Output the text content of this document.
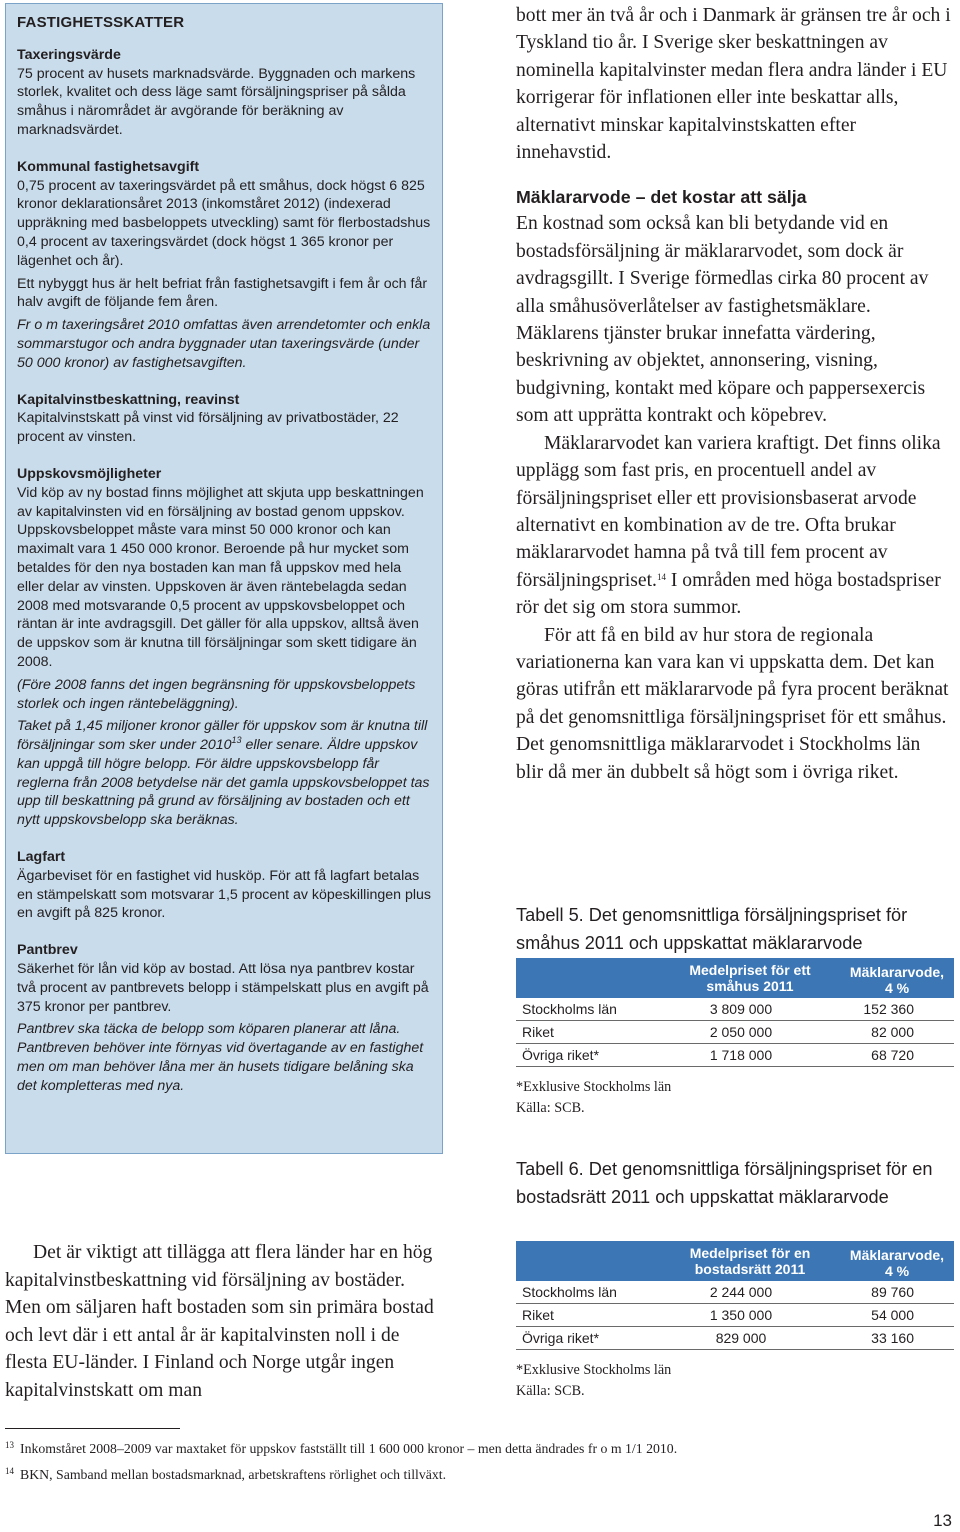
FASTIGHETSSKATTER
Taxeringsvärde

75 procent av husets marknadsvärde. Byggnaden och markens storlek, kvalitet och dess läge samt försäljningspriser på sålda småhus i närområdet är avgörande för beräkning av marknadsvärdet.

Kommunal fastighetsavgift

0,75 procent av taxeringsvärdet på ett småhus, dock högst 6 825 kronor deklarationsåret 2013 (inkomståret 2012) (indexerad uppräkning med basbeloppets utveckling) samt för flerbostadshus 0,4 procent av taxeringsvärdet (dock högst 1 365 kronor per lägenhet och år).

Ett nybyggt hus är helt befriat från fastighetsavgift i fem år och får halv avgift de följande fem åren.

Fr o m taxeringsåret 2010 omfattas även arrendetomter och enkla sommarstugor och andra byggnader utan taxeringsvärde (under 50 000 kronor) av fastighetsavgiften.

Kapitalvinstbeskattning, reavinst

Kapitalvinstskatt på vinst vid försäljning av privatbostäder, 22 procent av vinsten.

Uppskovsmöjligheter

Vid köp av ny bostad finns möjlighet att skjuta upp beskattningen av kapitalvinsten vid en försäljning av bostad genom uppskov. Uppskovsbeloppet måste vara minst 50 000 kronor och kan maximalt vara 1 450 000 kronor. Beroende på hur mycket som betaldes för den nya bostaden kan man få uppskov med hela eller delar av vinsten. Uppskoven är även räntebelagda sedan 2008 med motsvarande 0,5 procent av uppskovsbeloppet och räntan är inte avdragsgill. Det gäller för alla uppskov, alltså även de uppskov som är knutna till försäljningar som skett tidigare än 2008.

(Före 2008 fanns det ingen begränsning för uppskovsbeloppets storlek och ingen räntebeläggning).

Taket på 1,45 miljoner kronor gäller för uppskov som är knutna till försäljningar som sker under 2010$^{13}$ eller senare. Äldre uppskov kan uppgå till högre belopp. För äldre uppskovsbelopp får reglerna från 2008 betydelse när det gamla uppskovsbeloppet tas upp till beskattning på grund av försäljning av bostaden och ett nytt uppskovsbelopp ska beräknas.

Lagfart

Ägarbeviset för en fastighet vid husköp. För att få lagfart betalas en stämpelskatt som motsvarar 1,5 procent av köpeskillingen plus en avgift på 825 kronor.

Pantbrev

Säkerhet för lån vid köp av bostad. Att lösa nya pantbrev kostar två procent av pantbrevets belopp i stämpelskatt plus en avgift på 375 kronor per pantbrev.

Pantbrev ska täcka de belopp som köparen planerar att låna. Pantbreven behöver inte förnyas vid övertagande av en fastighet men om man behöver låna mer än husets tidigare belåning ska det kompletteras med nya.

Det är viktigt att tillägga att flera länder har en hög kapitalvinstbeskattning vid försäljning av bostäder. Men om säljaren haft bostaden som sin primära bostad och levt där i ett antal år är kapitalvinsten noll i de flesta EU-länder. I Finland och Norge utgår ingen kapitalvinstskatt om man

bott mer än två år och i Danmark är gränsen tre år och i Tyskland tio år. I Sverige sker beskattningen av nominella kapitalvinster medan flera andra länder i EU korrigerar för inflationen eller inte beskattar alls, alternativt minskar kapitalvinstskatten efter innehavstid.

Mäklararvode – det kostar att sälja

En kostnad som också kan bli betydande vid en bostadsförsäljning är mäklararvodet, som dock är avdragsgillt. I Sverige förmedlas cirka 80 procent av alla småhusöverlåtelser av fastighetsmäklare. Mäklarens tjänster brukar innefatta värdering, beskrivning av objektet, annonsering, visning, budgivning, kontakt med köpare och pappersexercis som att upprätta kontrakt och köpebrev.

Mäklararvodet kan variera kraftigt. Det finns olika upplägg som fast pris, en procentuell andel av försäljningspriset eller ett provisionsbaserat arvode alternativt en kombination av de tre. Ofta brukar mäklararvodet hamna på två till fem procent av försäljningspriset.$^{14}$ I områden med höga bostadspriser rör det sig om stora summor.

För att få en bild av hur stora de regionala variationerna kan vara kan vi uppskatta dem. Det kan göras utifrån ett mäklararvode på fyra procent beräknat på det genomsnittliga försäljningspriset för ett småhus. Det genomsnittliga mäklararvodet i Stockholms län blir då mer än dubbelt så högt som i övriga riket.

Tabell 5. Det genomsnittliga försäljningspriset för småhus 2011 och uppskattat mäklararvode
	Medelpriset för ett småhus 2011	Mäklararvode, 4 %
Stockholms län	3 809 000	152 360
Riket	2 050 000	82 000
Övriga riket*	1 718 000	68 720
*Exklusive Stockholms län
Källa: SCB.
Tabell 6. Det genomsnittliga försäljningspriset för en bostadsrätt 2011 och uppskattat mäklararvode
	Medelpriset för en bostadsrätt 2011	Mäklararvode, 4 %
Stockholms län	2 244 000	89 760
Riket	1 350 000	54 000
Övriga riket*	829 000	33 160
*Exklusive Stockholms län
Källa: SCB.
13 Inkomståret 2008–2009 var maxtaket för uppskov fastställt till 1 600 000 kronor – men detta ändrades fr o m 1/1 2010.
14 BKN, Samband mellan bostadsmarknad, arbetskraftens rörlighet och tillväxt.
13
